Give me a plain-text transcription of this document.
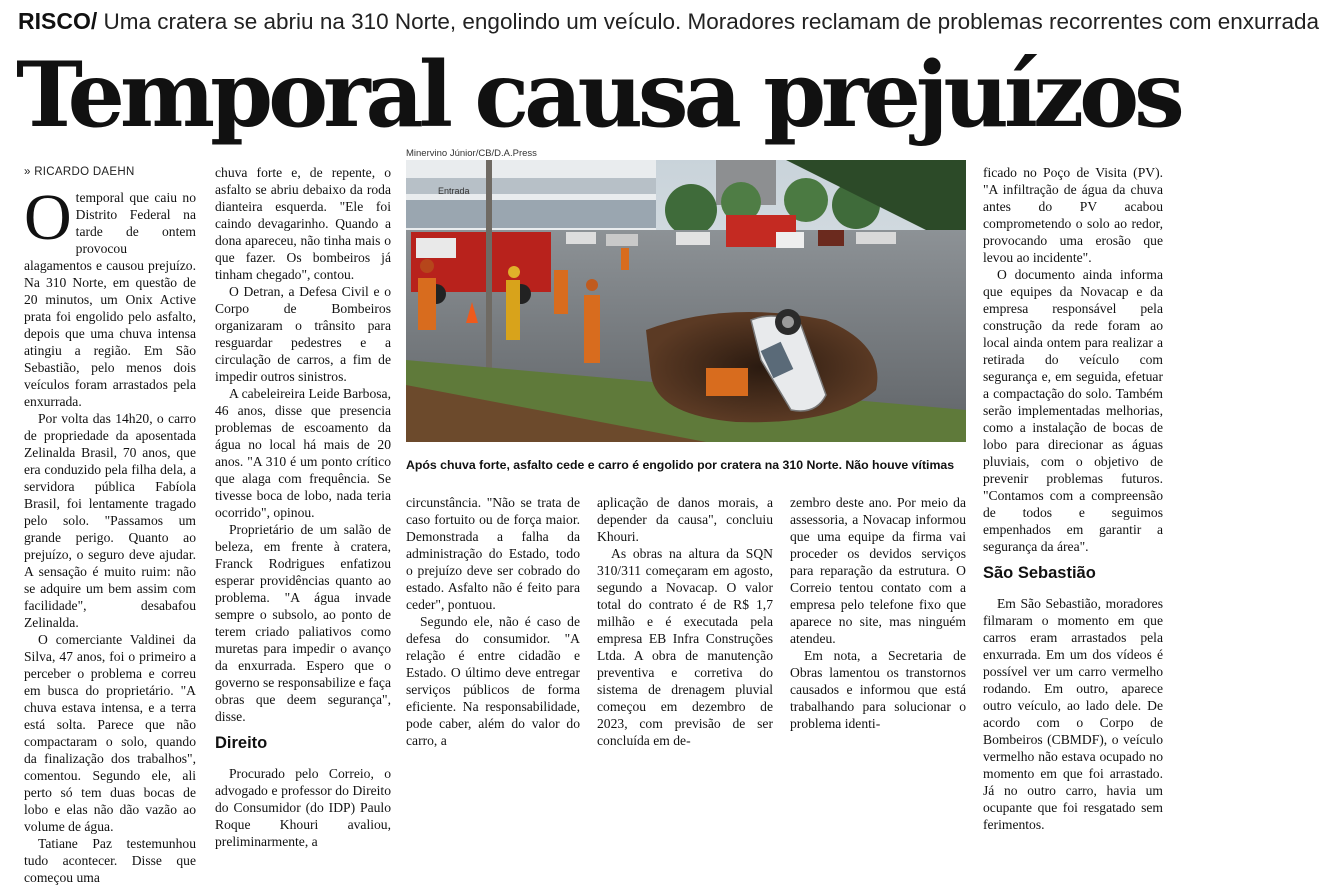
RISCO/ Uma cratera se abriu na 310 Norte, engolindo um veículo. Moradores reclamam de problemas recorrentes com enxurrada
Temporal causa prejuízos
» RICARDO DAEHN

Otemporal que caiu no Distrito Federal na tarde de ontem provocou alagamentos e causou prejuízo. Na 310 Norte, em questão de 20 minutos, um Onix Active prata foi engolido pelo asfalto, depois que uma chuva intensa atingiu a região. Em São Sebastião, pelo menos dois veículos foram arrastados pela enxurrada.

Por volta das 14h20, o carro de propriedade da aposentada Zelinalda Brasil, 70 anos, que era conduzido pela filha dela, a servidora pública Fabíola Brasil, foi lentamente tragado pelo solo. "Passamos um grande perigo. Quanto ao prejuízo, o seguro deve ajudar. A sensação é muito ruim: não se adquire um bem assim com facilidade", desabafou Zelinalda.

O comerciante Valdinei da Silva, 47 anos, foi o primeiro a perceber o problema e correu em busca do proprietário. "A chuva estava intensa, e a terra está solta. Parece que não compactaram o solo, quando da finalização dos trabalhos", comentou. Segundo ele, ali perto só tem duas bocas de lobo e elas não dão vazão ao volume de água.

Tatiane Paz testemunhou tudo acontecer. Disse que começou uma

chuva forte e, de repente, o asfalto se abriu debaixo da roda dianteira esquerda. "Ele foi caindo devagarinho. Quando a dona apareceu, não tinha mais o que fazer. Os bombeiros já tinham chegado", contou.

O Detran, a Defesa Civil e o Corpo de Bombeiros organizaram o trânsito para resguardar pedestres e a circulação de carros, a fim de impedir outros sinistros.

A cabeleireira Leide Barbosa, 46 anos, disse que presencia problemas de escoamento da água no local há mais de 20 anos. "A 310 é um ponto crítico que alaga com frequência. Se tivesse boca de lobo, nada teria ocorrido", opinou.

Proprietário de um salão de beleza, em frente à cratera, Franck Rodrigues enfatizou esperar providências quanto ao problema. "A água invade sempre o subsolo, ao ponto de terem criado paliativos como muretas para impedir o avanço da enxurrada. Espero que o governo se responsabilize e faça obras que deem segurança", disse.

Direito

Procurado pelo Correio, o advogado e professor do Direito do Consumidor (do IDP) Paulo Roque Khouri avaliou, preliminarmente, a

Minervino Júnior/CB/D.A.Press
Entrada
Após chuva forte, asfalto cede e carro é engolido por cratera na 310 Norte. Não houve vítimas

circunstância. "Não se trata de caso fortuito ou de força maior. Demonstrada a falha da administração do Estado, todo o prejuízo deve ser cobrado do estado. Asfalto não é feito para ceder", pontuou.

Segundo ele, não é caso de defesa do consumidor. "A relação é entre cidadão e Estado. O último deve entregar serviços públicos de forma eficiente. Na responsabilidade, pode caber, além do valor do carro, a

aplicação de danos morais, a depender da causa", concluiu Khouri.

As obras na altura da SQN 310/311 começaram em agosto, segundo a Novacap. O valor total do contrato é de R$ 1,7 milhão e é executada pela empresa EB Infra Construções Ltda. A obra de manutenção preventiva e corretiva do sistema de drenagem pluvial começou em dezembro de 2023, com previsão de ser concluída em de-

zembro deste ano. Por meio da assessoria, a Novacap informou que uma equipe da firma vai proceder os devidos serviços para reparação da estrutura. O Correio tentou contato com a empresa pelo telefone fixo que aparece no site, mas ninguém atendeu.

Em nota, a Secretaria de Obras lamentou os transtornos causados e informou que está trabalhando para solucionar o problema identi-

ficado no Poço de Visita (PV). "A infiltração de água da chuva antes do PV acabou comprometendo o solo ao redor, provocando uma erosão que levou ao incidente".

O documento ainda informa que equipes da Novacap e da empresa responsável pela construção da rede foram ao local ainda ontem para realizar a retirada do veículo com segurança e, em seguida, efetuar a compactação do solo. Também serão implementadas melhorias, como a instalação de bocas de lobo para direcionar as águas pluviais, com o objetivo de prevenir problemas futuros. "Contamos com a compreensão de todos e seguimos empenhados em garantir a segurança da área".

São Sebastião

Em São Sebastião, moradores filmaram o momento em que carros eram arrastados pela enxurrada. Em um dos vídeos é possível ver um carro vermelho rodando. Em outro, aparece outro veículo, ao lado dele. De acordo com o Corpo de Bombeiros (CBMDF), o veículo vermelho não estava ocupado no momento em que foi arrastado. Já no outro carro, havia um ocupante que foi resgatado sem ferimentos.
